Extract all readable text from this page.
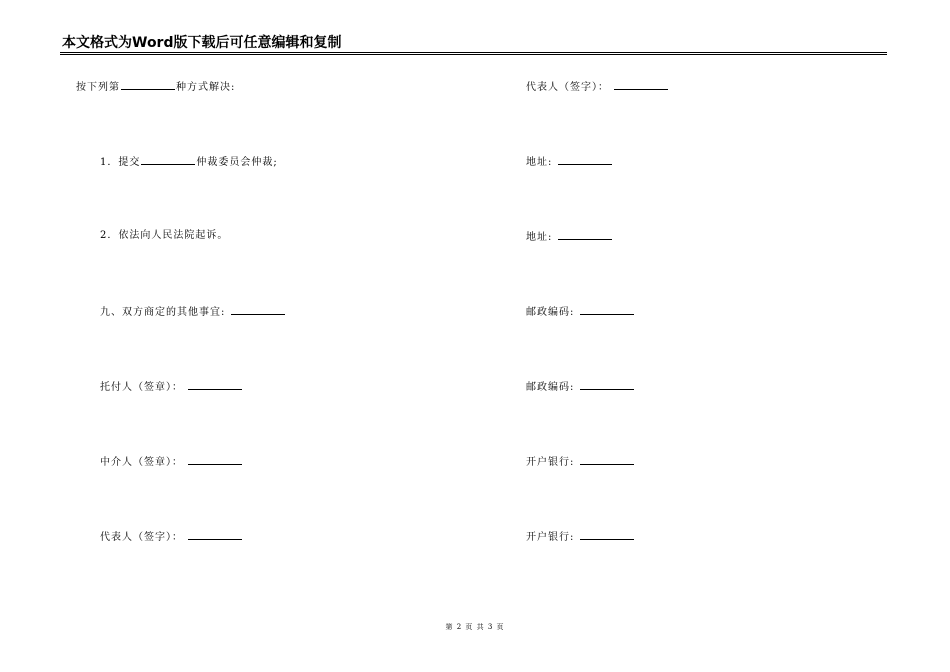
本文格式为Word版下载后可任意编辑和复制
按下列第	种方式解决:
1．提交	仲裁委员会仲裁;
2．依法向人民法院起诉。
九、双方商定的其他事宜:
托付人（签章）：
中介人（签章）：
代表人（签字）：
代表人（签字）：
地址:
地址:
邮政编码:
邮政编码:
开户银行:
开户银行:
第 2 页 共 3 页
